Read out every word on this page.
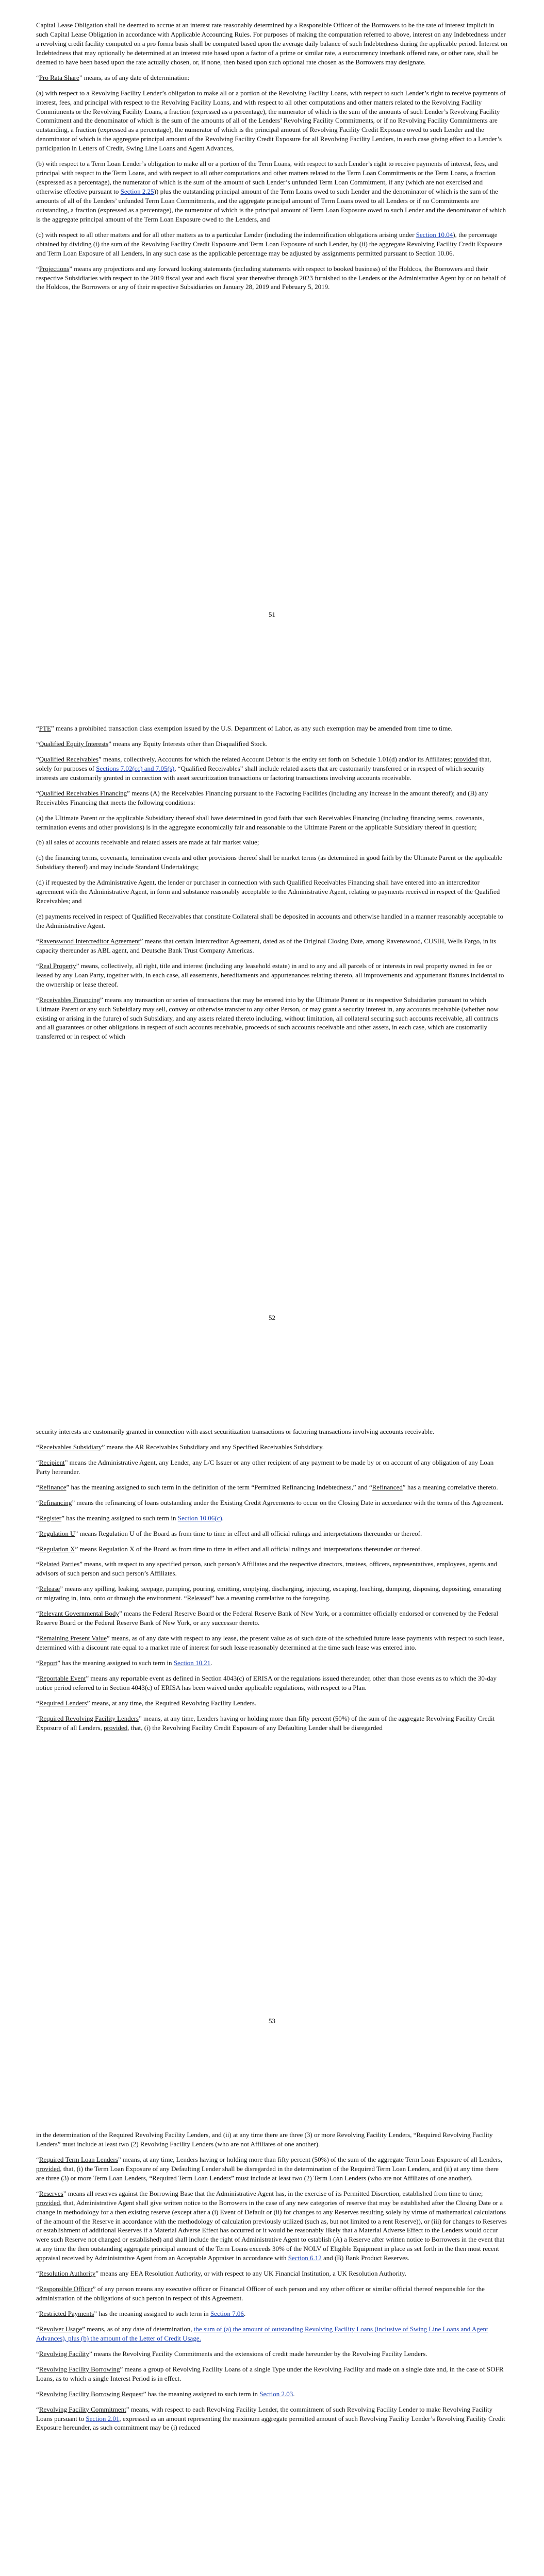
Capital Lease Obligation shall be deemed to accrue at an interest rate reasonably determined by a Responsible Officer of the Borrowers to be the rate of interest implicit in such Capital Lease Obligation in accordance with Applicable Accounting Rules. For purposes of making the computation referred to above, interest on any Indebtedness under a revolving credit facility computed on a pro forma basis shall be computed based upon the average daily balance of such Indebtedness during the applicable period. Interest on Indebtedness that may optionally be determined at an interest rate based upon a factor of a prime or similar rate, a eurocurrency interbank offered rate, or other rate, shall be deemed to have been based upon the rate actually chosen, or, if none, then based upon such optional rate chosen as the Borrowers may designate.

“Pro Rata Share” means, as of any date of determination:

(a) with respect to a Revolving Facility Lender’s obligation to make all or a portion of the Revolving Facility Loans, with respect to such Lender’s right to receive payments of interest, fees, and principal with respect to the Revolving Facility Loans, and with respect to all other computations and other matters related to the Revolving Facility Commitments or the Revolving Facility Loans, a fraction (expressed as a percentage), the numerator of which is the sum of the amounts of such Lender’s Revolving Facility Commitment and the denominator of which is the sum of the amounts of all of the Lenders’ Revolving Facility Commitments, or if no Revolving Facility Commitments are outstanding, a fraction (expressed as a percentage), the numerator of which is the principal amount of Revolving Facility Credit Exposure owed to such Lender and the denominator of which is the aggregate principal amount of the Revolving Facility Credit Exposure for all Revolving Facility Lenders, in each case giving effect to a Lender’s participation in Letters of Credit, Swing Line Loans and Agent Advances,

(b) with respect to a Term Loan Lender’s obligation to make all or a portion of the Term Loans, with respect to such Lender’s right to receive payments of interest, fees, and principal with respect to the Term Loans, and with respect to all other computations and other matters related to the Term Loan Commitments or the Term Loans, a fraction (expressed as a percentage), the numerator of which is the sum of the amount of such Lender’s unfunded Term Loan Commitment, if any (which are not exercised and otherwise effective pursuant to Section 2.25)) plus the outstanding principal amount of the Term Loans owed to such Lender and the denominator of which is the sum of the amounts of all of the Lenders’ unfunded Term Loan Commitments, and the aggregate principal amount of Term Loans owed to all Lenders or if no Commitments are outstanding, a fraction (expressed as a percentage), the numerator of which is the principal amount of Term Loan Exposure owed to such Lender and the denominator of which is the aggregate principal amount of the Term Loan Exposure owed to the Lenders, and

(c) with respect to all other matters and for all other matters as to a particular Lender (including the indemnification obligations arising under Section 10.04), the percentage obtained by dividing (i) the sum of the Revolving Facility Credit Exposure and Term Loan Exposure of such Lender, by (ii) the aggregate Revolving Facility Credit Exposure and Term Loan Exposure of all Lenders, in any such case as the applicable percentage may be adjusted by assignments permitted pursuant to Section 10.06.

“Projections” means any projections and any forward looking statements (including statements with respect to booked business) of the Holdcos, the Borrowers and their respective Subsidiaries with respect to the 2019 fiscal year and each fiscal year thereafter through 2023 furnished to the Lenders or the Administrative Agent by or on behalf of the Holdcos, the Borrowers or any of their respective Subsidiaries on January 28, 2019 and February 5, 2019.

51

“PTE” means a prohibited transaction class exemption issued by the U.S. Department of Labor, as any such exemption may be amended from time to time.

“Qualified Equity Interests” means any Equity Interests other than Disqualified Stock.

“Qualified Receivables” means, collectively, Accounts for which the related Account Debtor is the entity set forth on Schedule 1.01(d) and/or its Affiliates; provided that, solely for purposes of Sections 7.02(cc) and 7.05(s), “Qualified Receivables” shall include related assets that are customarily transferred or in respect of which security interests are customarily granted in connection with asset securitization transactions or factoring transactions involving accounts receivable.

“Qualified Receivables Financing” means (A) the Receivables Financing pursuant to the Factoring Facilities (including any increase in the amount thereof); and (B) any Receivables Financing that meets the following conditions:

(a) the Ultimate Parent or the applicable Subsidiary thereof shall have determined in good faith that such Receivables Financing (including financing terms, covenants, termination events and other provisions) is in the aggregate economically fair and reasonable to the Ultimate Parent or the applicable Subsidiary thereof in question;

(b) all sales of accounts receivable and related assets are made at fair market value;

(c) the financing terms, covenants, termination events and other provisions thereof shall be market terms (as determined in good faith by the Ultimate Parent or the applicable Subsidiary thereof) and may include Standard Undertakings;

(d) if requested by the Administrative Agent, the lender or purchaser in connection with such Qualified Receivables Financing shall have entered into an intercreditor agreement with the Administrative Agent, in form and substance reasonably acceptable to the Administrative Agent, relating to payments received in respect of the Qualified Receivables; and

(e) payments received in respect of Qualified Receivables that constitute Collateral shall be deposited in accounts and otherwise handled in a manner reasonably acceptable to the Administrative Agent.

“Ravenswood Intercreditor Agreement” means that certain Intercreditor Agreement, dated as of the Original Closing Date, among Ravenswood, CUSIH, Wells Fargo, in its capacity thereunder as ABL agent, and Deutsche Bank Trust Company Americas.

“Real Property” means, collectively, all right, title and interest (including any leasehold estate) in and to any and all parcels of or interests in real property owned in fee or leased by any Loan Party, together with, in each case, all easements, hereditaments and appurtenances relating thereto, all improvements and appurtenant fixtures incidental to the ownership or lease thereof.

“Receivables Financing” means any transaction or series of transactions that may be entered into by the Ultimate Parent or its respective Subsidiaries pursuant to which Ultimate Parent or any such Subsidiary may sell, convey or otherwise transfer to any other Person, or may grant a security interest in, any accounts receivable (whether now existing or arising in the future) of such Subsidiary, and any assets related thereto including, without limitation, all collateral securing such accounts receivable, all contracts and all guarantees or other obligations in respect of such accounts receivable, proceeds of such accounts receivable and other assets, in each case, which are customarily transferred or in respect of which

52

security interests are customarily granted in connection with asset securitization transactions or factoring transactions involving accounts receivable.

“Receivables Subsidiary” means the AR Receivables Subsidiary and any Specified Receivables Subsidiary.

“Recipient” means the Administrative Agent, any Lender, any L/C Issuer or any other recipient of any payment to be made by or on account of any obligation of any Loan Party hereunder.

“Refinance” has the meaning assigned to such term in the definition of the term “Permitted Refinancing Indebtedness,” and “Refinanced” has a meaning correlative thereto.

“Refinancing” means the refinancing of loans outstanding under the Existing Credit Agreements to occur on the Closing Date in accordance with the terms of this Agreement.

“Register” has the meaning assigned to such term in Section 10.06(c).

“Regulation U” means Regulation U of the Board as from time to time in effect and all official rulings and interpretations thereunder or thereof.

“Regulation X” means Regulation X of the Board as from time to time in effect and all official rulings and interpretations thereunder or thereof.

“Related Parties” means, with respect to any specified person, such person’s Affiliates and the respective directors, trustees, officers, representatives, employees, agents and advisors of such person and such person’s Affiliates.

“Release” means any spilling, leaking, seepage, pumping, pouring, emitting, emptying, discharging, injecting, escaping, leaching, dumping, disposing, depositing, emanating or migrating in, into, onto or through the environment. “Released” has a meaning correlative to the foregoing.

“Relevant Governmental Body” means the Federal Reserve Board or the Federal Reserve Bank of New York, or a committee officially endorsed or convened by the Federal Reserve Board or the Federal Reserve Bank of New York, or any successor thereto.

“Remaining Present Value” means, as of any date with respect to any lease, the present value as of such date of the scheduled future lease payments with respect to such lease, determined with a discount rate equal to a market rate of interest for such lease reasonably determined at the time such lease was entered into.

“Report” has the meaning assigned to such term in Section 10.21.

“Reportable Event” means any reportable event as defined in Section 4043(c) of ERISA or the regulations issued thereunder, other than those events as to which the 30-day notice period referred to in Section 4043(c) of ERISA has been waived under applicable regulations, with respect to a Plan.

“Required Lenders” means, at any time, the Required Revolving Facility Lenders.

“Required Revolving Facility Lenders” means, at any time, Lenders having or holding more than fifty percent (50%) of the sum of the aggregate Revolving Facility Credit Exposure of all Lenders, provided, that, (i) the Revolving Facility Credit Exposure of any Defaulting Lender shall be disregarded

53

in the determination of the Required Revolving Facility Lenders, and (ii) at any time there are three (3) or more Revolving Facility Lenders, “Required Revolving Facility Lenders” must include at least two (2) Revolving Facility Lenders (who are not Affiliates of one another).

“Required Term Loan Lenders” means, at any time, Lenders having or holding more than fifty percent (50%) of the sum of the aggregate Term Loan Exposure of all Lenders, provided, that, (i) the Term Loan Exposure of any Defaulting Lender shall be disregarded in the determination of the Required Term Loan Lenders, and (ii) at any time there are three (3) or more Term Loan Lenders, “Required Term Loan Lenders” must include at least two (2) Term Loan Lenders (who are not Affiliates of one another).

“Reserves” means all reserves against the Borrowing Base that the Administrative Agent has, in the exercise of its Permitted Discretion, established from time to time; provided, that, Administrative Agent shall give written notice to the Borrowers in the case of any new categories of reserve that may be established after the Closing Date or a change in methodology for a then existing reserve (except after a (i) Event of Default or (ii) for changes to any Reserves resulting solely by virtue of mathematical calculations of the amount of the Reserve in accordance with the methodology of calculation previously utilized (such as, but not limited to a rent Reserve)), or (iii) for changes to Reserves or establishment of additional Reserves if a Material Adverse Effect has occurred or it would be reasonably likely that a Material Adverse Effect to the Lenders would occur were such Reserve not changed or established) and shall include the right of Administrative Agent to establish (A) a Reserve after written notice to Borrowers in the event that at any time the then outstanding aggregate principal amount of the Term Loans exceeds 30% of the NOLV of Eligible Equipment in place as set forth in the then most recent appraisal received by Administrative Agent from an Acceptable Appraiser in accordance with Section 6.12 and (B) Bank Product Reserves.

“Resolution Authority” means any EEA Resolution Authority, or with respect to any UK Financial Institution, a UK Resolution Authority.

“Responsible Officer” of any person means any executive officer or Financial Officer of such person and any other officer or similar official thereof responsible for the administration of the obligations of such person in respect of this Agreement.

“Restricted Payments” has the meaning assigned to such term in Section 7.06.

“Revolver Usage” means, as of any date of determination, the sum of (a) the amount of outstanding Revolving Facility Loans (inclusive of Swing Line Loans and Agent Advances), plus (b) the amount of the Letter of Credit Usage.

“Revolving Facility” means the Revolving Facility Commitments and the extensions of credit made hereunder by the Revolving Facility Lenders.

“Revolving Facility Borrowing” means a group of Revolving Facility Loans of a single Type under the Revolving Facility and made on a single date and, in the case of SOFR Loans, as to which a single Interest Period is in effect.

“Revolving Facility Borrowing Request” has the meaning assigned to such term in Section 2.03.

“Revolving Facility Commitment” means, with respect to each Revolving Facility Lender, the commitment of such Revolving Facility Lender to make Revolving Facility Loans pursuant to Section 2.01, expressed as an amount representing the maximum aggregate permitted amount of such Revolving Facility Lender’s Revolving Facility Credit Exposure hereunder, as such commitment may be (i) reduced
